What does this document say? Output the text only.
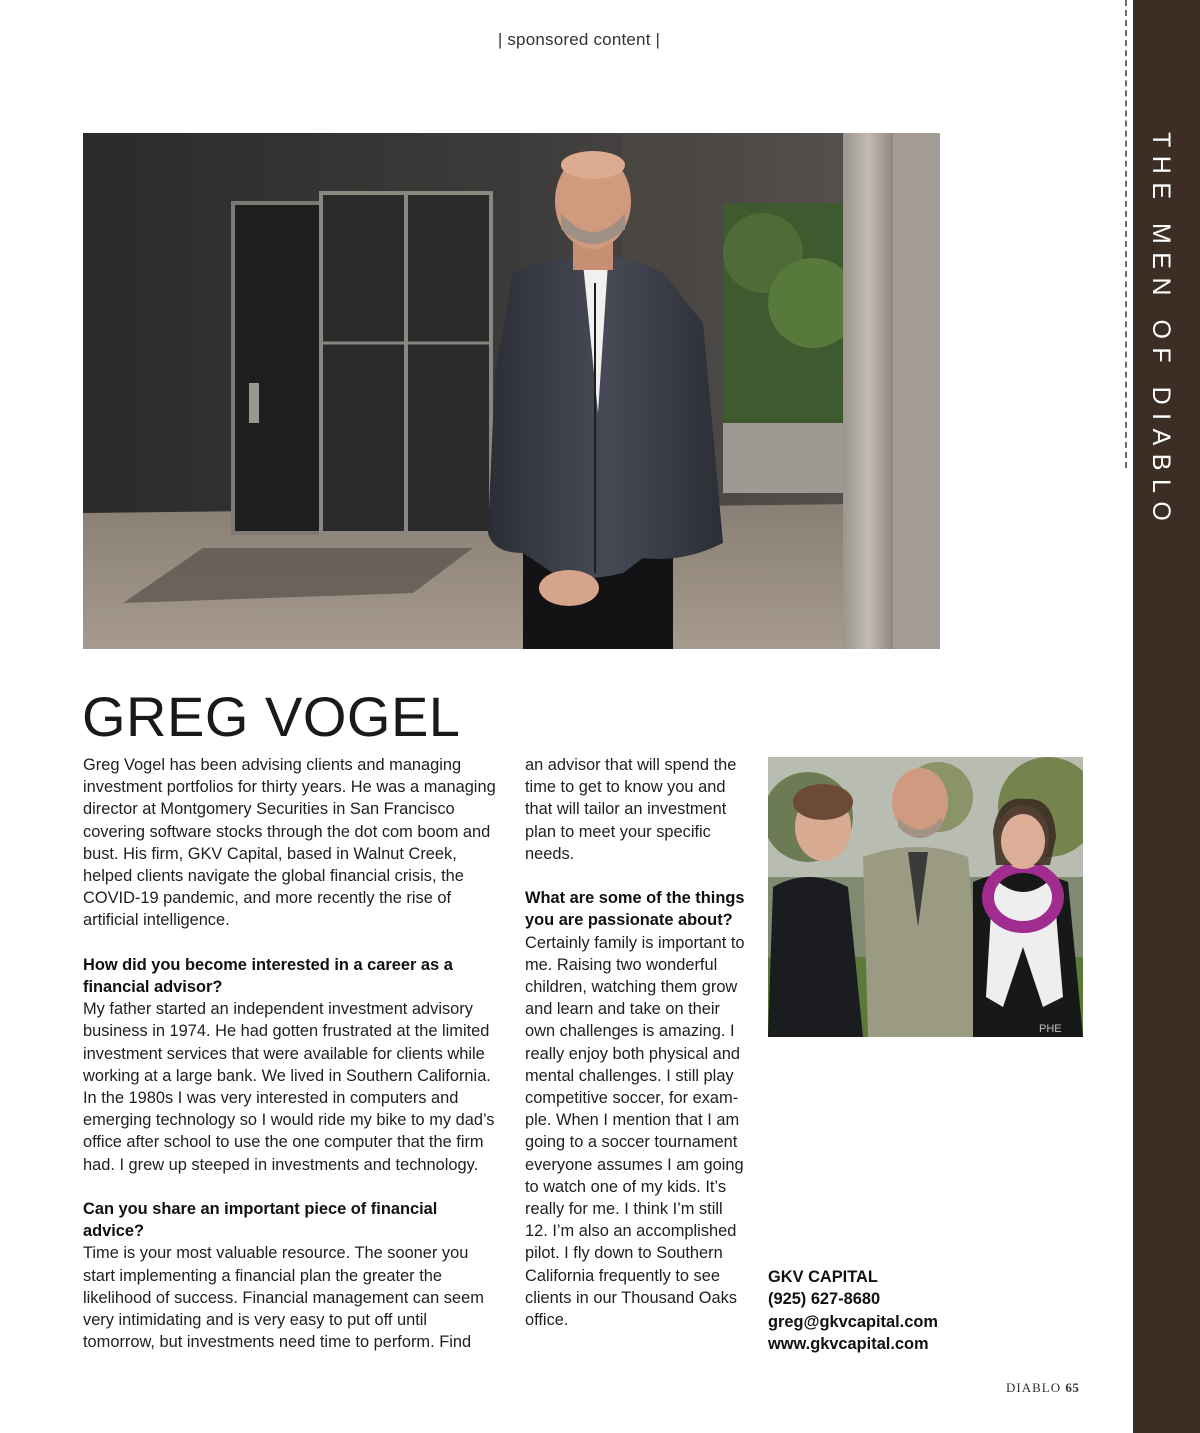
| sponsored content |
THE MEN OF DIABLO
GREG VOGEL

Greg Vogel has been advising clients and managing investment portfolios for thirty years. He was a managing director at Montgomery Securities in San Francisco covering software stocks through the dot com boom and bust. His firm, GKV Capital, based in Walnut Creek, helped clients navigate the global financial crisis, the COVID-19 pandemic, and more recently the rise of artificial intelligence.

How did you become interested in a career as a financial advisor?

My father started an independent investment advisory business in 1974. He had gotten frustrated at the limited investment services that were available for clients while working at a large bank. We lived in Southern California. In the 1980s I was very interested in computers and emerging technology so I would ride my bike to my dad’s office after school to use the one computer that the firm had. I grew up steeped in investments and technology.

Can you share an important piece of financial advice?

Time is your most valuable resource. The sooner you start implementing a financial plan the greater the likelihood of success. Financial management can seem very intimidating and is very easy to put off until tomorrow, but investments need time to perform. Find

an advisor that will spend the time to get to know you and that will tailor an investment plan to meet your specific needs.

What are some of the things you are passionate about?

Certainly family is important to me. Raising two wonderful children, watching them grow and learn and take on their own challenges is amazing. I really enjoy both physical and mental challenges. I still play competitive soccer, for exam-ple. When I mention that I am going to a soccer tournament everyone assumes I am going to watch one of my kids. It’s really for me. I think I’m still 12. I’m also an accomplished pilot. I fly down to Southern California frequently to see clients in our Thousand Oaks office.

PHE
GKV CAPITAL
(925) 627-8680
greg@gkvcapital.com
www.gkvcapital.com
DIABLO 65
